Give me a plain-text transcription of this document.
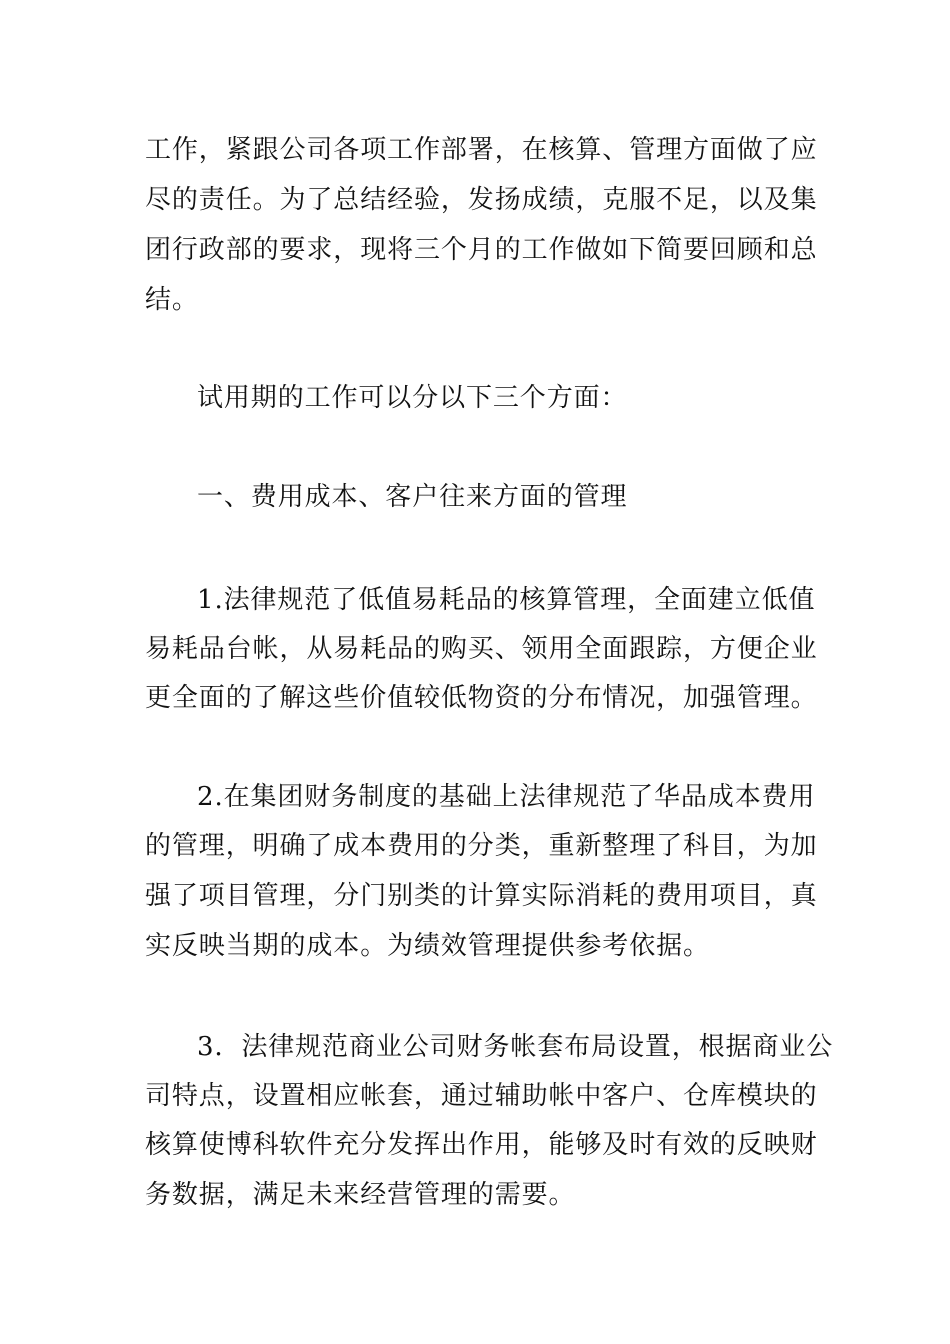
工作，紧跟公司各项工作部署，在核算、管理方面做了应
尽的责任。为了总结经验，发扬成绩，克服不足，以及集
团行政部的要求，现将三个月的工作做如下简要回顾和总
结。
试用期的工作可以分以下三个方面：
一、费用成本、客户往来方面的管理
1.法律规范了低值易耗品的核算管理，全面建立低值
易耗品台帐，从易耗品的购买、领用全面跟踪，方便企业
更全面的了解这些价值较低物资的分布情况，加强管理。
2.在集团财务制度的基础上法律规范了华品成本费用
的管理，明确了成本费用的分类，重新整理了科目，为加
强了项目管理，分门别类的计算实际消耗的费用项目，真
实反映当期的成本。为绩效管理提供参考依据。
3．法律规范商业公司财务帐套布局设置，根据商业公
司特点，设置相应帐套，通过辅助帐中客户、仓库模块的
核算使博科软件充分发挥出作用，能够及时有效的反映财
务数据，满足未来经营管理的需要。
